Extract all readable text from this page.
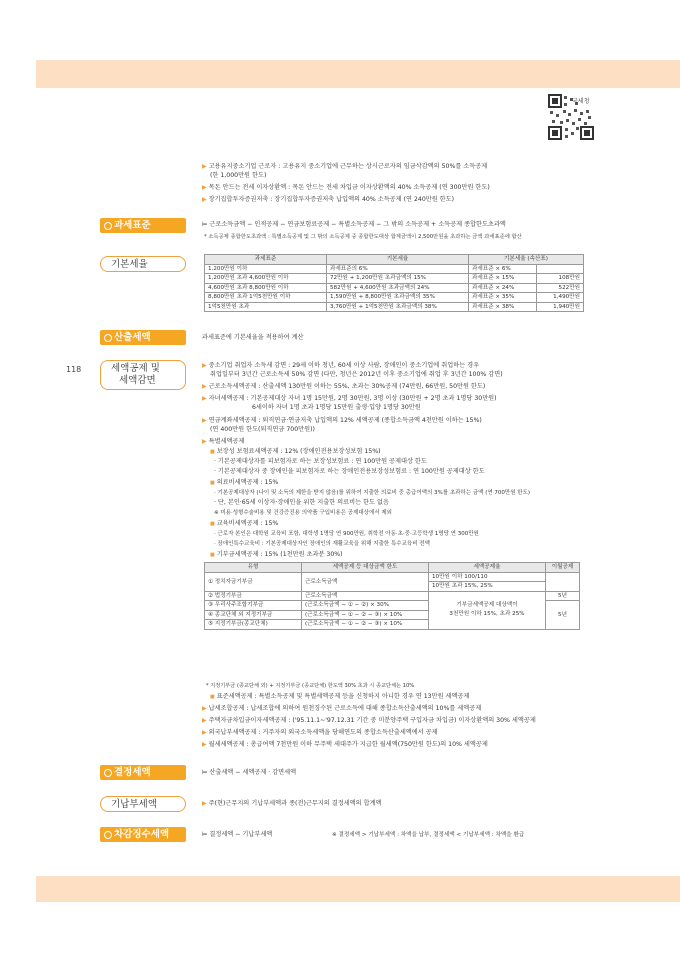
118
국세청
▶ 고용유지중소기업 근로자 : 고용유지 중소기업에 근무하는 상시근로자의 임금삭감액의 50%를 소득공제
(한 1,000만원 한도)
▶ 목돈 안드는 전세 이자상환액 : 목돈 안드는 전세 차입금 이자상환액의 40% 소득공제 (연 300만원 한도)
▶ 장기집합투자증권저축 : 장기집합투자증권저축 납입액의 40% 소득공제 (연 240만원 한도)
과세표준	⊨ 근로소득금액 − 인적공제 − 연금보험료공제 − 특별소득공제 − 그 밖의 소득공제 + 소득공제 종합한도초과액
* 소득공제 종합한도초과액 : 특별소득공제 및 그 밖의 소득공제 중 종합한도대상 합계금액이 2,500만원을 초과하는 금액 과세표준에 합산
기본세율	과세표준	기본세율	기본세율 (속산표)	
1,200만원 이하	과세표준의 6%	과세표준 × 6%	
1,200만원 초과 4,600만원 이하	72만원 + 1,200만원 초과금액의 15%	과세표준 × 15%	108만원
4,600만원 초과 8,800만원 이하	582만원 + 4,600만원 초과금액의 24%	과세표준 × 24%	522만원
8,800만원 초과 1억5천만원 이하	1,590만원 + 8,800만원 초과금액의 35%	과세표준 × 35%	1,490만원
1억5천만원 초과	3,760만원 + 1억5천만원 초과금액의 38%	과세표준 × 38%	1,940만원
산출세액	과세표준에 기본세율을 적용하여 계산
세액공제 및
세액감면
▶ 중소기업 취업자 소득세 감면 : 29세 이하 청년, 60세 이상 사람, 장애인이 중소기업에 취업하는 경우
취업일부터 3년간 근로소득세 50% 감면 (다만, 청년은 2012년 이후 중소기업에 취업 후 3년간 100% 감면)
▶ 근로소득세액공제 : 산출세액 130만원 이하는 55%, 초과는 30%공제 (74만원, 66만원, 50만원 한도)
▶ 자녀세액공제 : 기본공제대상 자녀 1명 15만원, 2명 30만원, 3명 이상 (30만원 + 2명 초과 1명당 30만원)
6세이하 자녀 1명 초과 1명당 15만원 출생·입양 1명당 30만원
▶ 연금계좌세액공제 : 퇴직연금·연금저축 납입액의 12% 세액공제 (종합소득금액 4천만원 이하는 15%)
(연 400만원 한도(퇴직연금 700만원))
▶ 특별세액공제
■ 보장성 보험료세액공제 : 12% (장애인전용보장성보험 15%)
· 기본공제대상자를 피보험자로 하는 보장성보험료 : 연 100만원 공제대상 한도
· 기본공제대상자 중 장애인을 피보험자로 하는 장애인전용보장성보험료 : 연 100만원 공제대상 한도
■ 의료비세액공제 : 15%
· 기본공제대상자 (나이 및 소득의 제한을 받지 않음)를 위하여 지출한 의료비 중 총급여액의 3%를 초과하는 금액 (연 700만원 한도)
· 단, 본인·65세 이상자·장애인을 위한 지출한 의료비는 한도 없음
※ 미용·성형수술비용 및 건강증진용 의약품 구입비용은 공제대상에서 제외
■ 교육비세액공제 : 15%
· 근로자 본인은 대학원 교육비 포함, 대학생 1명당 연 900만원, 취학전 아동·초·중·고등학생 1명당 연 300만원
· 장애인특수교육비 : 기본공제대상자인 장애인의 재활교육을 위해 지출한 특수교육비 전액
■ 기부금세액공제 : 15% (1천만원 초과분 30%)
유형	세액공제 등 대상금액 한도	세액공제율	이월공제
① 정치자금기부금	근로소득금액	10만원 이하 100/110	
		10만원 초과 15%, 25%	
② 법정기부금	근로소득금액	기부금세액공제 대상액이
3천만원 이하 15%, 초과 25%	5년
③ 우리사주조합기부금	(근로소득금액 − ① − ②) × 30%		5년
④ 종교단체 외 지정기부금	(근로소득금액 − ① − ② − ③) × 10%		
⑤ 지정기부금(종교단체)	(근로소득금액 − ① − ② − ③) × 10%		
* 지정기부금 (종교단체 외) + 지정기부금 (종교단체) 한도액 30% 초과 시 종교단체는 10%
■ 표준세액공제 : 특별소득공제 및 특별세액공제 등을 신청하지 아니한 경우 연 13만원 세액공제
▶ 납세조합공제 : 납세조합에 의하여 원천징수된 근로소득에 대해 종합소득산출세액의 10%를 세액공제
▶ 주택자금차입금이자세액공제 : ('95.11.1~'97.12.31 기간 중 미분양주택 구입자금 차입금) 이자상환액의 30% 세액공제
▶ 외국납부세액공제 : 거주자의 외국소득세액을 당해연도의 종합소득산출세액에서 공제
▶ 월세세액공제 : 총급여액 7천만원 이하 무주택 세대주가 지급한 월세액(750만원 한도)의 10% 세액공제
결정세액	⊨ 산출세액 − 세액공제 · 감면세액
기납부세액	▶ 주(현)근무지의 기납부세액과 종(전)근무지의 결정세액의 합계액
차감징수세액	⊨ 결정세액 − 기납부세액	※ 결정세액 > 기납부세액 : 차액을 납부, 결정세액 < 기납부세액 : 차액을 환급
